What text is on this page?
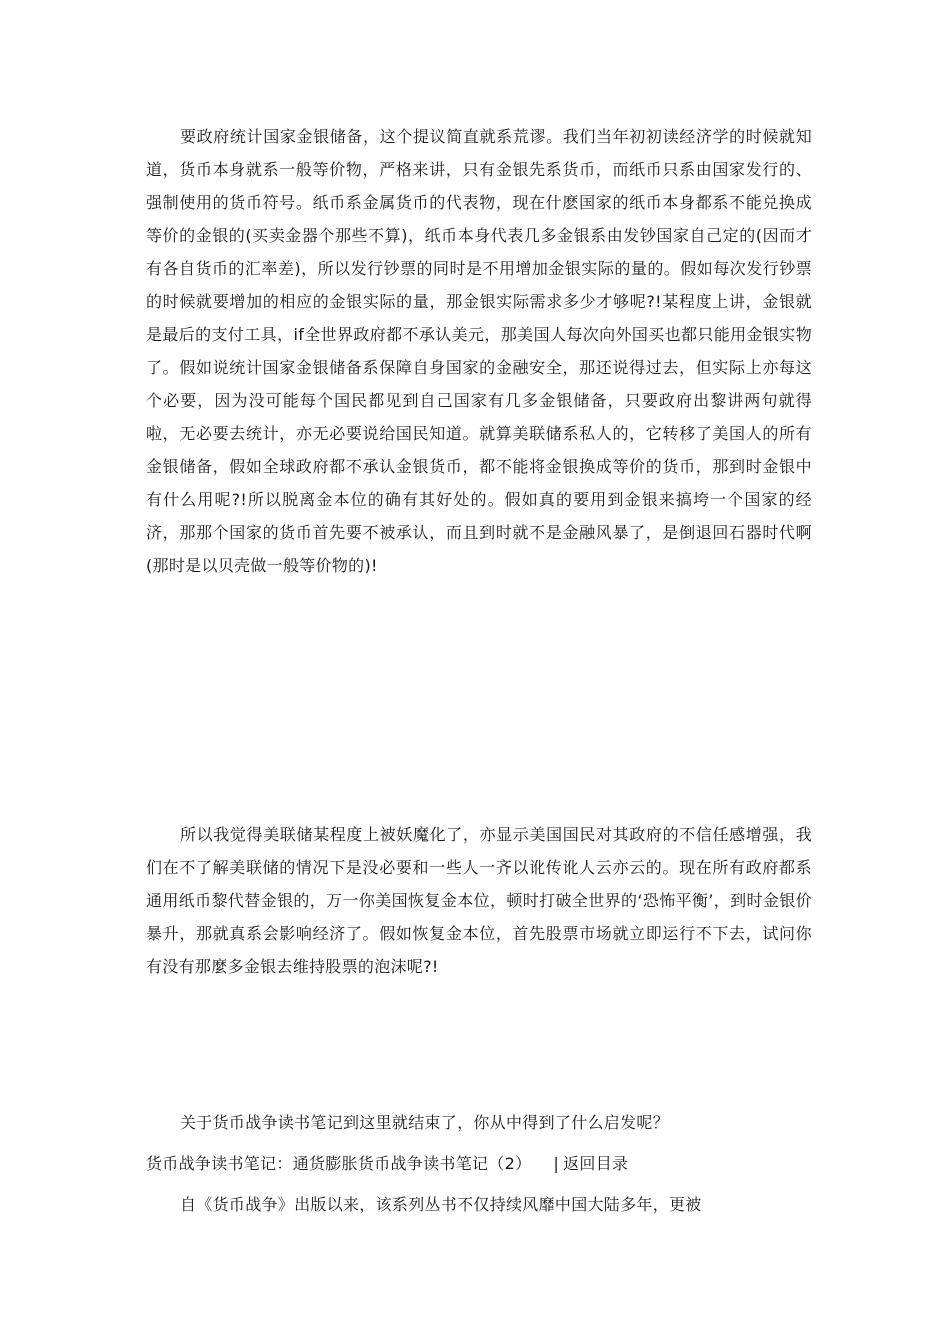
要政府统计国家金银储备，这个提议简直就系荒谬。我们当年初初读经济学的时候就知道，货币本身就系一般等价物，严格来讲，只有金银先系货币，而纸币只系由国家发行的、强制使用的货币符号。纸币系金属货币的代表物，现在什麽国家的纸币本身都系不能兑换成等价的金银的(买卖金器个那些不算)，纸币本身代表几多金银系由发钞国家自己定的(因而才有各自货币的汇率差)，所以发行钞票的同时是不用增加金银实际的量的。假如每次发行钞票的时候就要增加的相应的金银实际的量，那金银实际需求多少才够呢?!某程度上讲，金银就是最后的支付工具，if全世界政府都不承认美元，那美国人每次向外国买也都只能用金银实物了。假如说统计国家金银储备系保障自身国家的金融安全，那还说得过去，但实际上亦每这个必要，因为没可能每个国民都见到自己国家有几多金银储备，只要政府出黎讲两句就得啦，无必要去统计，亦无必要说给国民知道。就算美联储系私人的，它转移了美国人的所有金银储备，假如全球政府都不承认金银货币，都不能将金银换成等价的货币，那到时金银中有什么用呢?!所以脱离金本位的确有其好处的。假如真的要用到金银来搞垮一个国家的经济，那那个国家的货币首先要不被承认，而且到时就不是金融风暴了，是倒退回石器时代啊(那时是以贝壳做一般等价物的)!

所以我觉得美联储某程度上被妖魔化了，亦显示美国国民对其政府的不信任感增强，我们在不了解美联储的情况下是没必要和一些人一齐以讹传讹人云亦云的。现在所有政府都系通用纸币黎代替金银的，万一你美国恢复金本位，顿时打破全世界的‘恐怖平衡’，到时金银价暴升，那就真系会影响经济了。假如恢复金本位，首先股票市场就立即运行不下去，试问你有没有那麼多金银去维持股票的泡沫呢?!

关于货币战争读书笔记到这里就结束了，你从中得到了什么启发呢？

货币战争读书笔记：通货膨胀货币战争读书笔记（2） | 返回目录

自《货币战争》出版以来，该系列丛书不仅持续风靡中国大陆多年，更被
